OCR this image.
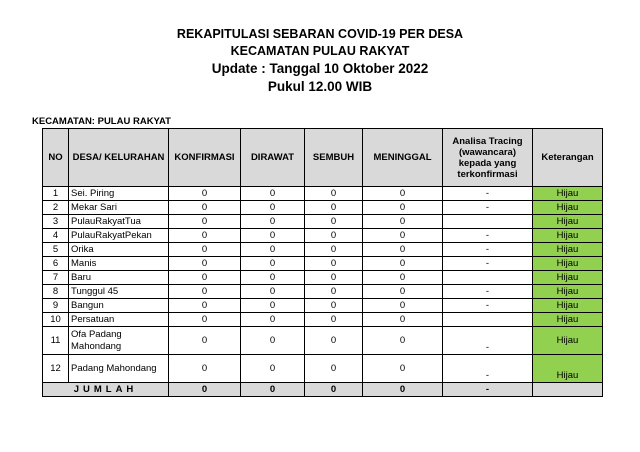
REKAPITULASI SEBARAN COVID-19 PER DESA
KECAMATAN PULAU RAKYAT
Update : Tanggal 10 Oktober 2022
Pukul 12.00 WIB
KECAMATAN: PULAU RAKYAT
NO	DESA/ KELURAHAN	KONFIRMASI	DIRAWAT	SEMBUH	MENINGGAL	Analisa Tracing (wawancara) kepada yang terkonfirmasi	Keterangan
1	Sei. Piring	0	0	0	0	-	Hijau
2	Mekar Sari	0	0	0	0	-	Hijau
3	PulauRakyatTua	0	0	0	0		Hijau
4	PulauRakyatPekan	0	0	0	0	-	Hijau
5	Orika	0	0	0	0	-	Hijau
6	Manis	0	0	0	0	-	Hijau
7	Baru	0	0	0	0		Hijau
8	Tunggul 45	0	0	0	0	-	Hijau
9	Bangun	0	0	0	0	-	Hijau
10	Persatuan	0	0	0	0		Hijau
11	Ofa Padang Mahondang	0	0	0	0	-	Hijau
12	Padang Mahondang	0	0	0	0	-	Hijau
JUMLAH		0	0	0	0	-	
